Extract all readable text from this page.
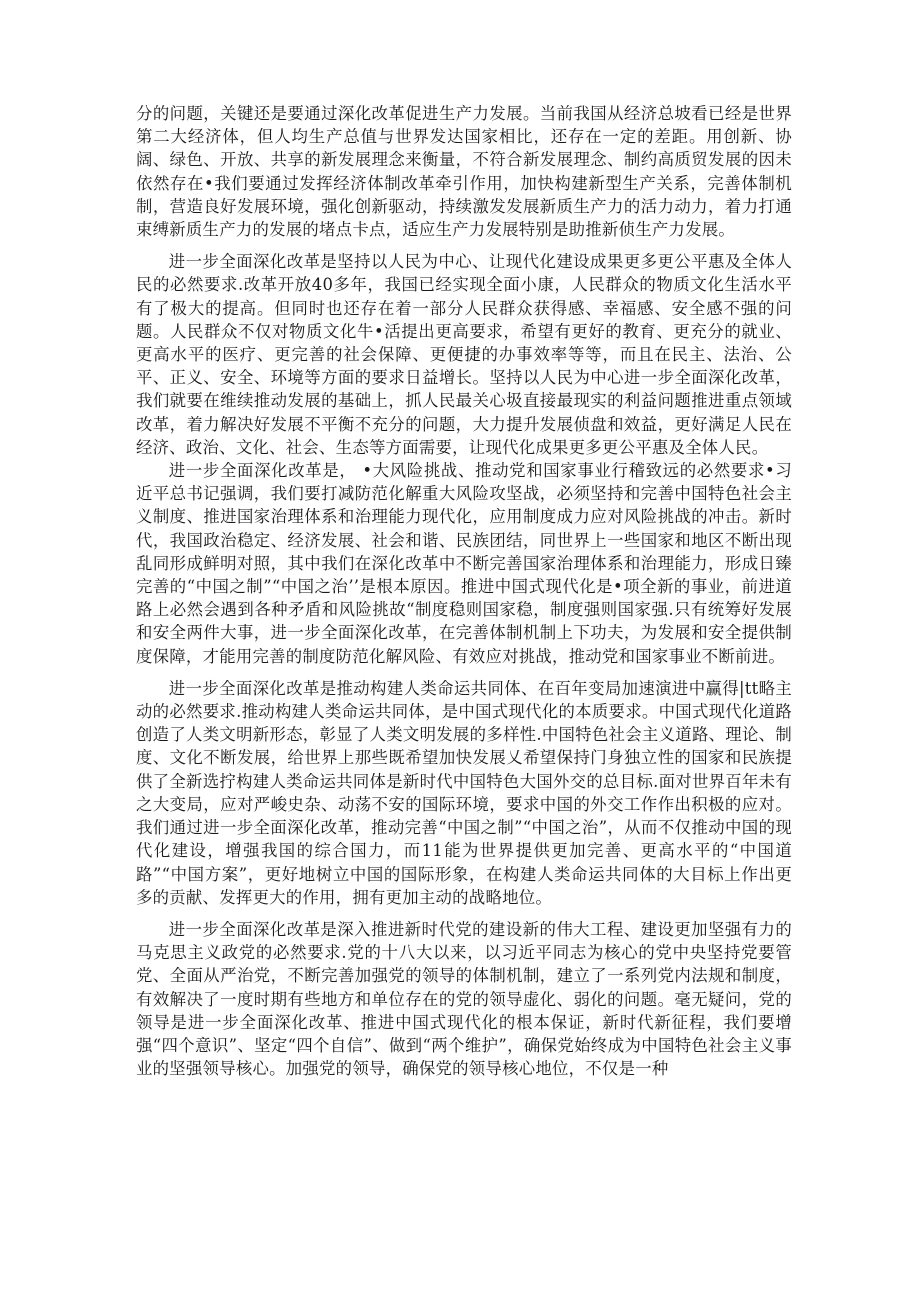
分的问题，关键还是要通过深化改革促进生产力发展。当前我国从经济总坡看已经是世界第二大经济体，但人均生产总值与世界发达国家相比，还存在一定的差距。用创新、协阔、绿色、开放、共享的新发展理念来衡量，不符合新发展理念、制约高质贸发展的因未依然存在•我们要通过发挥经济体制改革牵引作用，加快构建新型生产关系，完善体制机制，营造良好发展环境，强化创新驱动，持续激发发展新质生产力的活力动力，着力打通束缚新质生产力的发展的堵点卡点，适应生产力发展特别是助推新侦生产力发展。

进一步全面深化改革是坚持以人民为中心、让现代化建设成果更多更公平惠及全体人民的必然要求.改革开放40多年，我国已经实现全面小康，人民群众的物质文化生活水平有了极大的提高。但同时也还存在着一部分人民群众获得感、幸福感、安全感不强的问题。人民群众不仅对物质文化牛•活提出更高要求，希望有更好的教育、更充分的就业、更高水平的医疗、更完善的社会保障、更便捷的办事效率等等，而且在民主、法治、公平、正义、安全、环境等方面的要求日益增长。坚持以人民为中心进一步全面深化改革，我们就要在维续推动发展的基础上，抓人民最关心圾直接最现实的利益问题推进重点领域改革，着力解决好发展不平衡不充分的问题，大力提升发展侦盘和效益，更好满足人民在经济、政治、文化、社会、生态等方面需要，让现代化成果更多更公平惠及全体人民。

进一步全面深化改革是， •大风险挑战、推动党和国家事业行稽致远的必然要求•习近平总书记强调，我们要打减防范化解重大风险攻坚战，必须坚持和完善中国特色社会主义制度、推进国家治理体系和治理能力现代化，应用制度成力应对风险挑战的冲击。新时代，我国政治稳定、经济发展、社会和谐、民族团结，同世界上一些国家和地区不断出现乱同形成鲜明对照，其中我们在深化改革中不断完善国家治理体系和治理能力，形成日臻完善的“中国之制”“中国之治’’是根本原因。推进中国式现代化是•项全新的事业，前进道路上必然会遇到各种矛盾和风险挑故“制度稳则国家稳，制度强则国家强.只有统筹好发展和安全两件大事，进一步全面深化改革，在完善体制机制上下功夫，为发展和安全提供制度保障，才能用完善的制度防范化解风险、有效应对挑战，推动党和国家事业不断前进。

进一步全面深化改革是推动构建人类命运共同体、在百年变局加速演进中赢得|tt略主动的必然要求.推动构建人类命运共同体，是中国式现代化的本质要求。中国式现代化道路创造了人类文明新形态，彰显了人类文明发展的多样性.中国特色社会主义道路、理论、制度、文化不断发展，给世界上那些既希望加快发展乂希望保持门身独立性的国家和民族提供了全新选拧构建人类命运共同体是新时代中国特色大国外交的总目标.面对世界百年未有之大变局，应对严峻史杂、动荡不安的国际环境，要求中国的外交工作作出积极的应对。我们通过进一步全面深化改革，推动完善“中国之制”“中国之治”，从而不仅推动中国的现代化建设，增强我国的综合国力，而11能为世界提供更加完善、更高水平的“中国道路”“中国方案”，更好地树立中国的国际形象，在构建人类命运共同体的大目标上作出更多的贡献、发挥更大的作用，拥有更加主动的战略地位。

进一步全面深化改革是深入推进新时代党的建设新的伟大工程、建设更加坚强有力的马克思主义政党的必然要求.党的十八大以来，以习近平同志为核心的党中央坚持党要管党、全面从严治党，不断完善加强党的领导的体制机制，建立了一系列党内法规和制度，有效解决了一度时期有些地方和单位存在的党的领导虚化、弱化的问题。毫无疑问，党的领导是进一步全面深化改革、推进中国式现代化的根本保证，新时代新征程，我们要增强“四个意识”、坚定“四个自信”、做到“两个维护”，确保党始终成为中国特色社会主义事业的坚强领导核心。加强党的领导，确保党的领导核心地位，不仅是一种
